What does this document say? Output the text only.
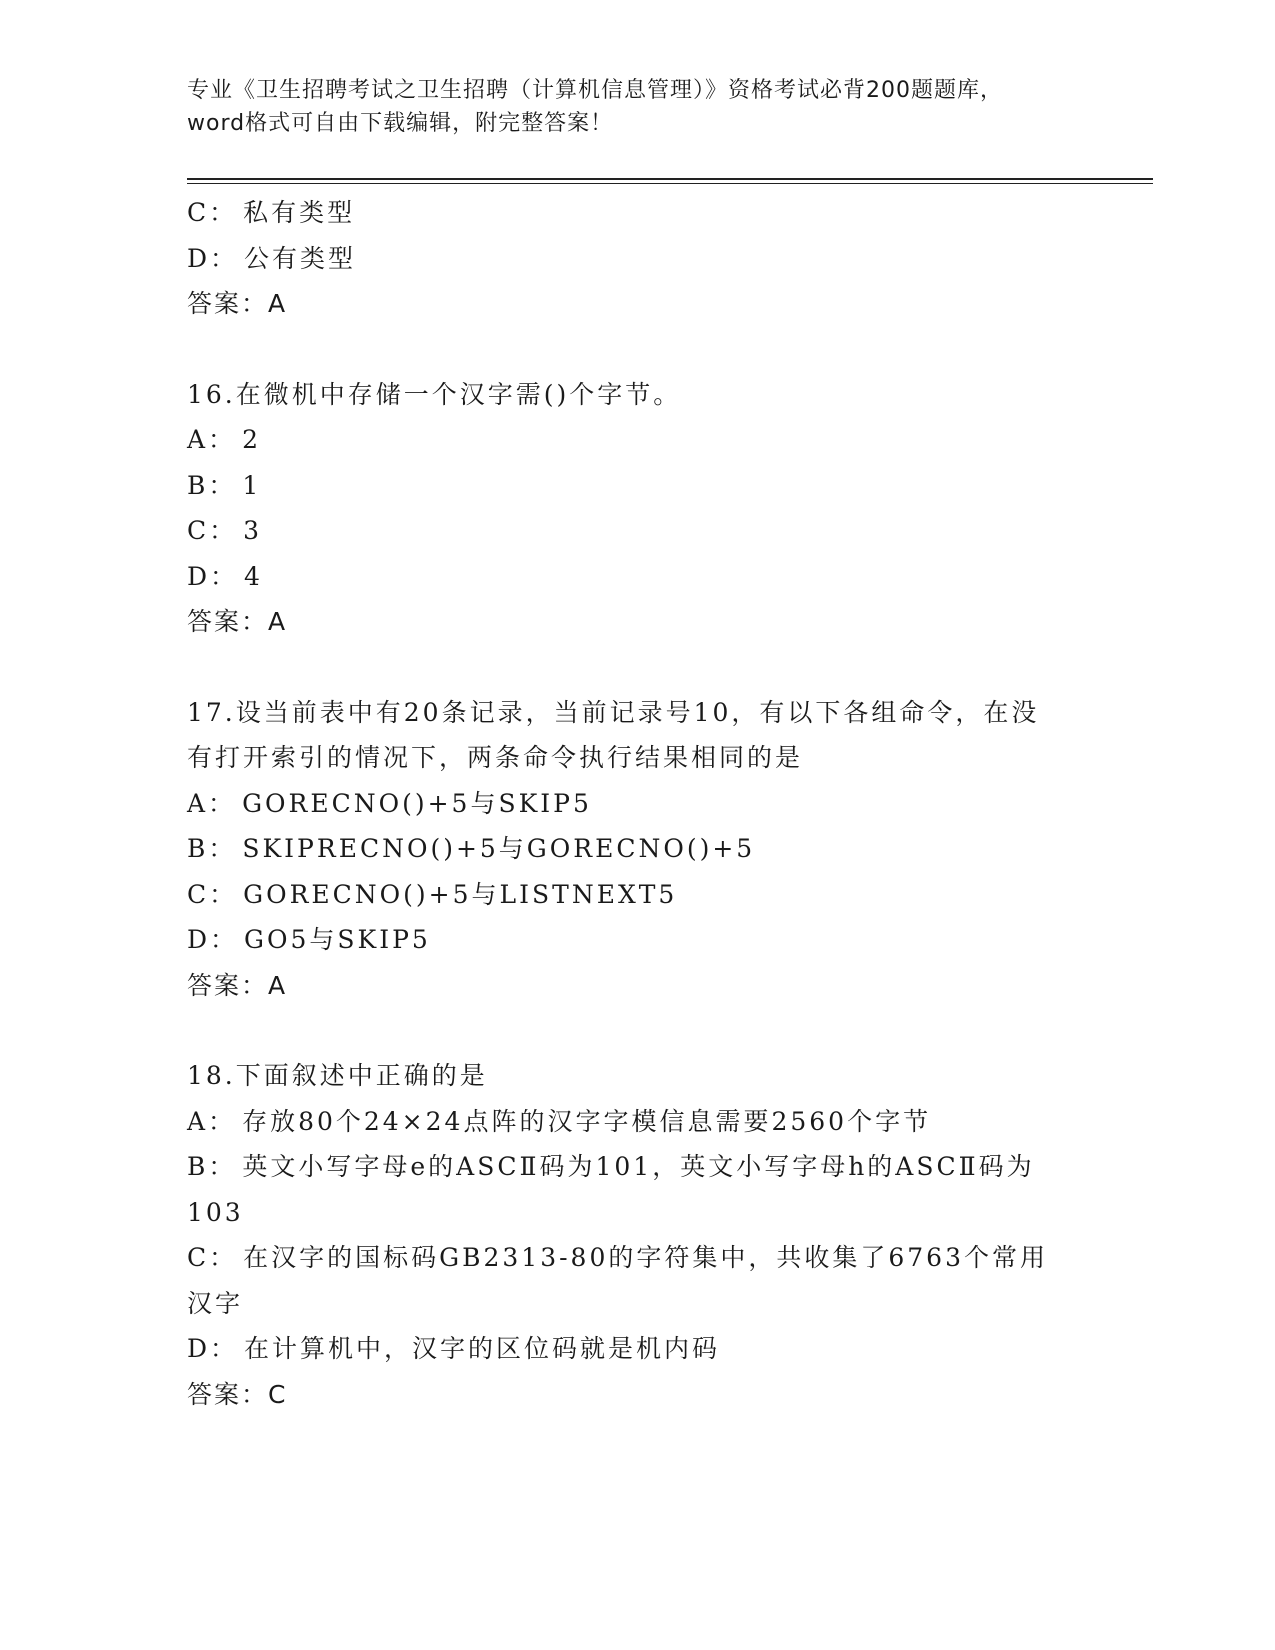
专业《卫生招聘考试之卫生招聘（计算机信息管理）》资格考试必背200题题库，
word格式可自由下载编辑，附完整答案！
C： 私有类型
D： 公有类型
答案：A
16.在微机中存储一个汉字需()个字节。
A： 2
B： 1
C： 3
D： 4
答案：A
17.设当前表中有20条记录，当前记录号10，有以下各组命令，在没有打开索引的情况下，两条命令执行结果相同的是
A： GORECNO()+5与SKIP5
B： SKIPRECNO()+5与GORECNO()+5
C： GORECNO()+5与LISTNEXT5
D： GO5与SKIP5
答案：A
18.下面叙述中正确的是
A： 存放80个24×24点阵的汉字字模信息需要2560个字节
B： 英文小写字母e的ASCⅡ码为101，英文小写字母h的ASCⅡ码为103
C： 在汉字的国标码GB2313-80的字符集中，共收集了6763个常用汉字
D： 在计算机中，汉字的区位码就是机内码
答案：C
